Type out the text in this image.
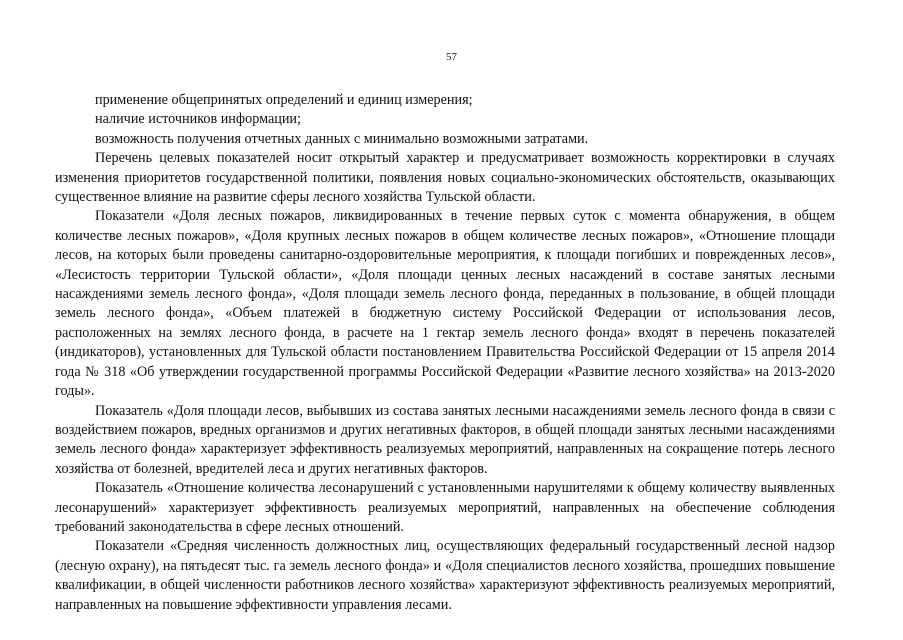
57

применение общепринятых определений и единиц измерения;

наличие источников информации;

возможность получения отчетных данных с минимально возможными затратами.

Перечень целевых показателей носит открытый характер и предусматривает возможность корректировки в случаях изменения приоритетов государственной политики, появления новых социально-экономических обстоятельств, оказывающих существенное влияние на развитие сферы лесного хозяйства Тульской области.

Показатели «Доля лесных пожаров, ликвидированных в течение первых суток с момента обнаружения, в общем количестве лесных пожаров», «Доля крупных лесных пожаров в общем количестве лесных пожаров», «Отношение площади лесов, на которых были проведены санитарно-оздоровительные мероприятия, к площади погибших и поврежденных лесов», «Лесистость территории Тульской области», «Доля площади ценных лесных насаждений в составе занятых лесными насаждениями земель лесного фонда», «Доля площади земель лесного фонда, переданных в пользование, в общей площади земель лесного фонда», «Объем платежей в бюджетную систему Российской Федерации от использования лесов, расположенных на землях лесного фонда, в расчете на 1 гектар земель лесного фонда» входят в перечень показателей (индикаторов), установленных для Тульской области постановлением Правительства Российской Федерации от 15 апреля 2014 года № 318 «Об утверждении государственной программы Российской Федерации «Развитие лесного хозяйства» на 2013-2020 годы».

Показатель «Доля площади лесов, выбывших из состава занятых лесными насаждениями земель лесного фонда в связи с воздействием пожаров, вредных организмов и других негативных факторов, в общей площади занятых лесными насаждениями земель лесного фонда» характеризует эффективность реализуемых мероприятий, направленных на сокращение потерь лесного хозяйства от болезней, вредителей леса и других негативных факторов.

Показатель «Отношение количества лесонарушений с установленными нарушителями к общему количеству выявленных лесонарушений» характеризует эффективность реализуемых мероприятий, направленных на обеспечение соблюдения требований законодательства в сфере лесных отношений.

Показатели «Средняя численность должностных лиц, осуществляющих федеральный государственный лесной надзор (лесную охрану), на пятьдесят тыс. га земель лесного фонда» и «Доля специалистов лесного хозяйства, прошедших повышение квалификации, в общей численности работников лесного хозяйства» характеризуют эффективность реализуемых мероприятий, направленных на повышение эффективности управления лесами.
